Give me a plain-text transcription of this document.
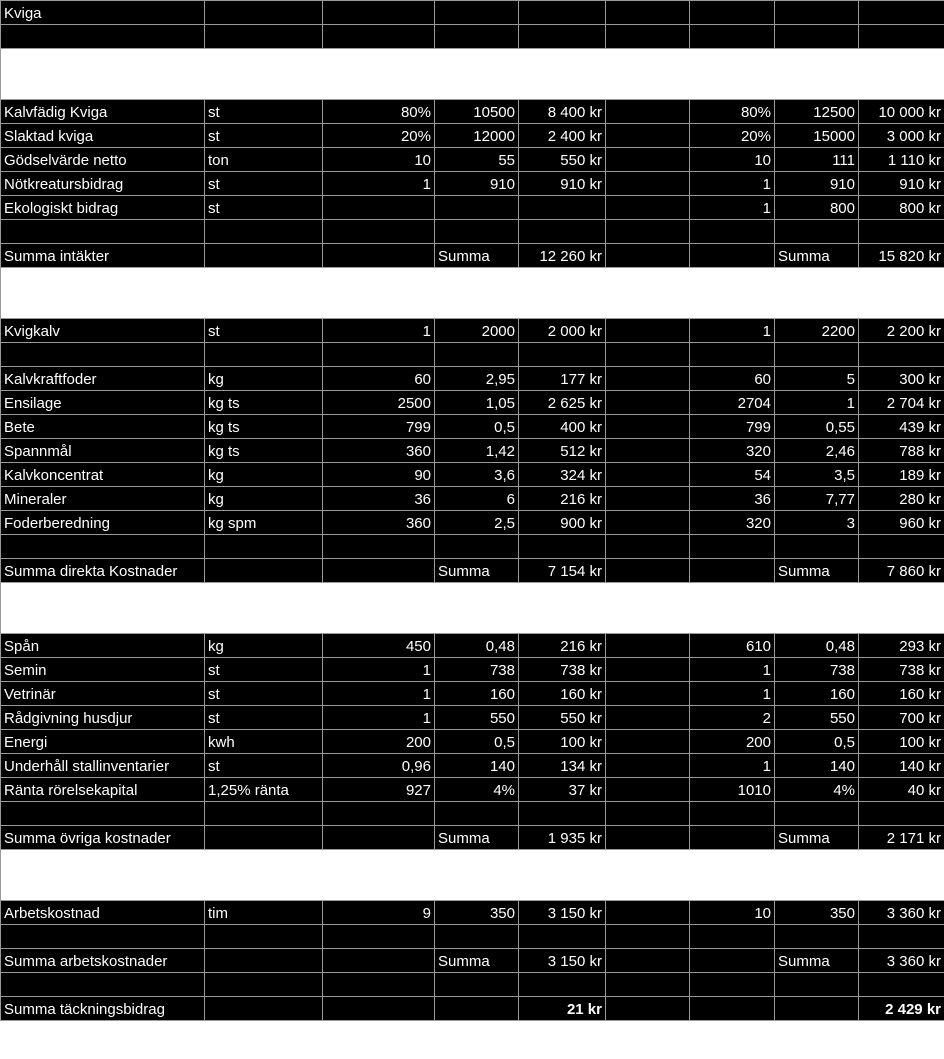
Kviga								

Kalvfädig Kviga	st	80%	10500	8 400 kr		80%	12500	10 000 kr
Slaktad kviga	st	20%	12000	2 400 kr		20%	15000	3 000 kr
Gödselvärde netto	ton	10	55	550 kr		10	111	1 110 kr
Nötkreatursbidrag	st	1	910	910 kr		1	910	910 kr
Ekologiskt bidrag	st					1	800	800 kr

Summa intäkter			Summa	12 260 kr			Summa	15 820 kr

Kvigkalv	st	1	2000	2 000 kr		1	2200	2 200 kr

Kalvkraftfoder	kg	60	2,95	177 kr		60	5	300 kr
Ensilage	kg ts	2500	1,05	2 625 kr		2704	1	2 704 kr
Bete	kg ts	799	0,5	400 kr		799	0,55	439 kr
Spannmål	kg ts	360	1,42	512 kr		320	2,46	788 kr
Kalvkoncentrat	kg	90	3,6	324 kr		54	3,5	189 kr
Mineraler	kg	36	6	216 kr		36	7,77	280 kr
Foderberedning	kg spm	360	2,5	900 kr		320	3	960 kr

Summa direkta Kostnader			Summa	7 154 kr			Summa	7 860 kr

Spån	kg	450	0,48	216 kr		610	0,48	293 kr
Semin	st	1	738	738 kr		1	738	738 kr
Vetrinär	st	1	160	160 kr		1	160	160 kr
Rådgivning husdjur	st	1	550	550 kr		2	550	700 kr
Energi	kwh	200	0,5	100 kr		200	0,5	100 kr
Underhåll stallinventarier	st	0,96	140	134 kr		1	140	140 kr
Ränta rörelsekapital	1,25% ränta	927	4%	37 kr		1010	4%	40 kr

Summa övriga kostnader			Summa	1 935 kr			Summa	2 171 kr

Arbetskostnad	tim	9	350	3 150 kr		10	350	3 360 kr

Summa arbetskostnader			Summa	3 150 kr			Summa	3 360 kr

Summa täckningsbidrag				21 kr				2 429 kr
